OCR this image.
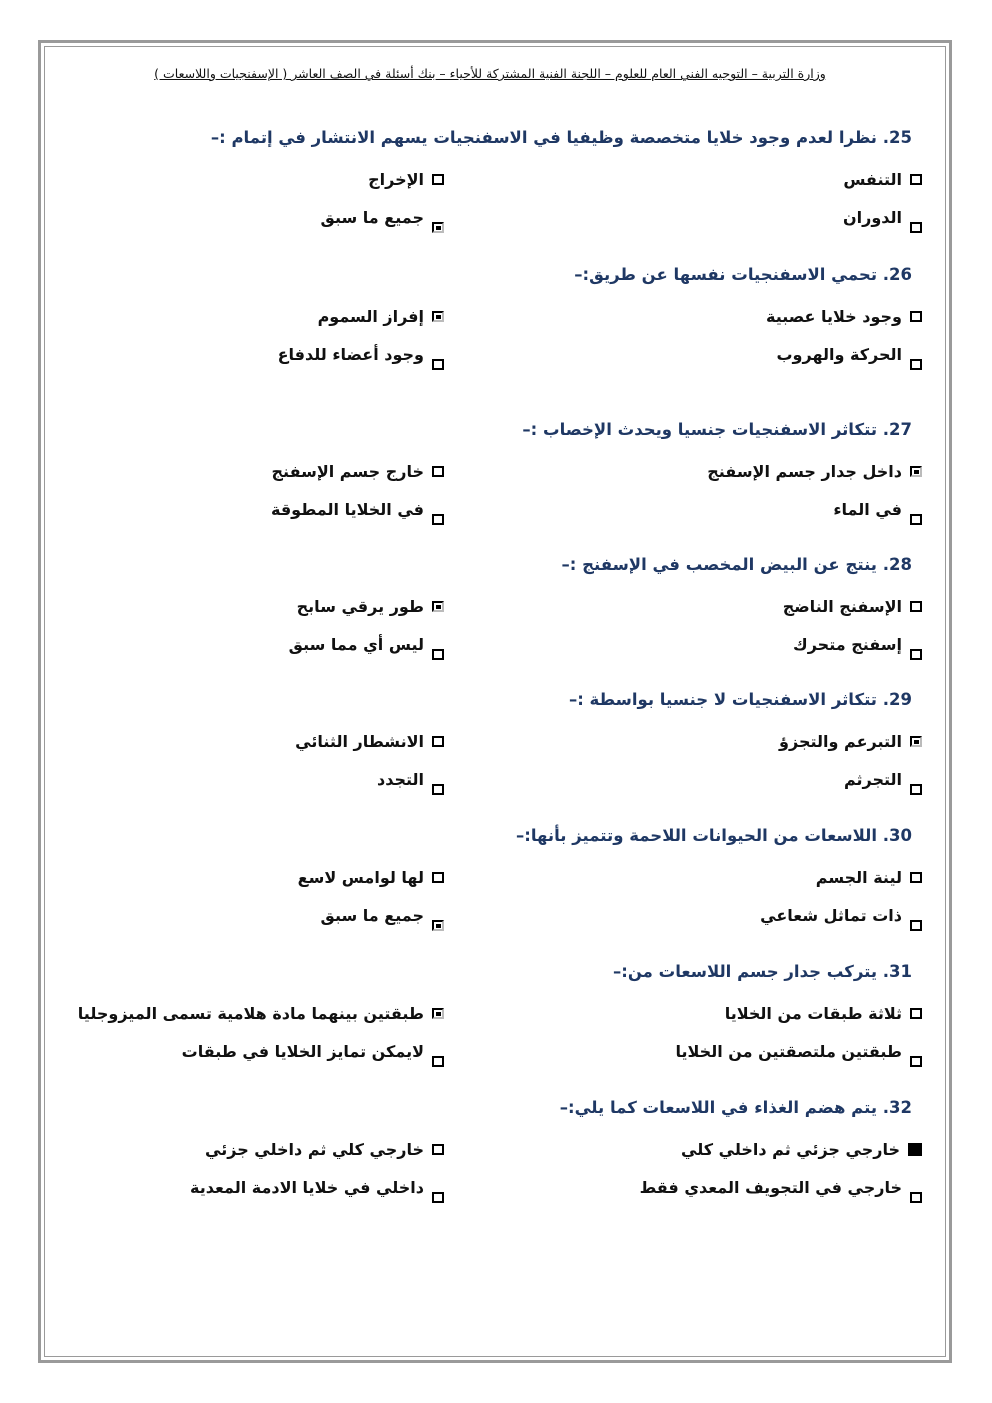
وزارة التربية – التوجيه الفني العام للعلوم – اللجنة الفنية المشتركة للأحياء – بنك أسئلة في الصف العاشر ( الإسفنجيات واللاسعات )
25. نظرا لعدم وجود خلايا متخصصة وظيفيا في الاسفنجيات يسهم الانتشار في إتمام :–
التنفس
الإخراج
الدوران
جميع ما سبق
26. تحمي الاسفنجيات نفسها عن طريق:–
وجود خلايا عصبية
إفراز السموم
الحركة والهروب
وجود أعضاء للدفاع
27. تتكاثر الاسفنجيات جنسيا ويحدث الإخصاب :–
داخل جدار جسم الإسفنج
خارج جسم الإسفنج
في الماء
في الخلايا المطوقة
28. ينتج عن البيض المخصب في الإسفنج :–
الإسفنج الناضج
طور يرقي سابح
إسفنج متحرك
ليس أي مما سبق
29. تتكاثر الاسفنجيات لا جنسيا بواسطة :–
التبرعم والتجزؤ
الانشطار الثنائي
التجرثم
التجدد
30. اللاسعات من الحيوانات اللاحمة وتتميز بأنها:–
لينة الجسم
لها لوامس لاسع
ذات تماثل شعاعي
جميع ما سبق
31. يتركب جدار جسم اللاسعات من:–
ثلاثة طبقات من الخلايا
طبقتين بينهما مادة هلامية تسمى الميزوجليا
طبقتين ملتصقتين من الخلايا
لايمكن تمايز الخلايا في طبقات
32. يتم هضم الغذاء في اللاسعات كما يلي:–
خارجي جزئي ثم داخلي كلي
خارجي كلي ثم داخلي جزئي
خارجي في التجويف المعدي فقط
داخلي في خلايا الادمة المعدية
